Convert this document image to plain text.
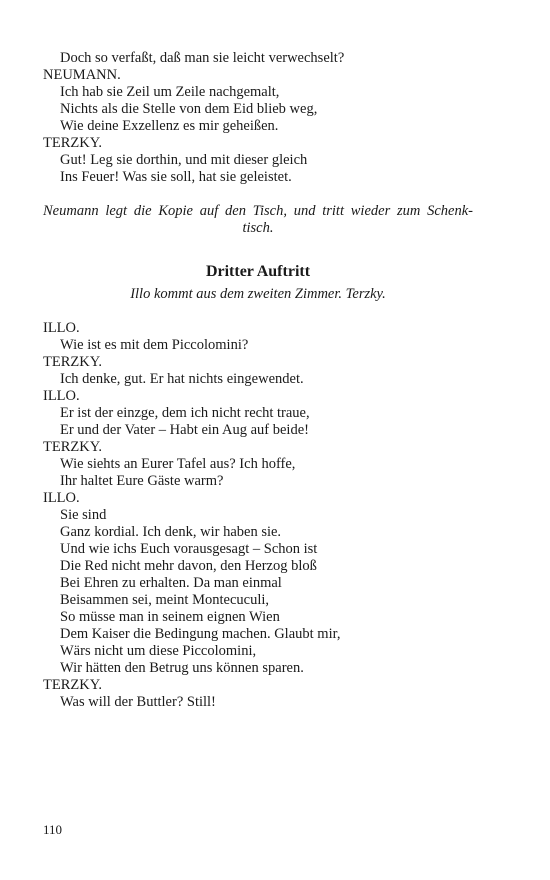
Doch so verfaßt, daß man sie leicht verwechselt?
NEUMANN.
Ich hab sie Zeil um Zeile nachgemalt,
Nichts als die Stelle von dem Eid blieb weg,
Wie deine Exzellenz es mir geheißen.
TERZKY.
Gut! Leg sie dorthin, und mit dieser gleich
Ins Feuer! Was sie soll, hat sie geleistet.
Neumann legt die Kopie auf den Tisch, und tritt wieder zum Schenk-
tisch.
Dritter Auftritt
Illo kommt aus dem zweiten Zimmer. Terzky.
ILLO.
Wie ist es mit dem Piccolomini?
TERZKY.
Ich denke, gut. Er hat nichts eingewendet.
ILLO.
Er ist der einzge, dem ich nicht recht traue,
Er und der Vater – Habt ein Aug auf beide!
TERZKY.
Wie siehts an Eurer Tafel aus? Ich hoffe,
Ihr haltet Eure Gäste warm?
ILLO.
Sie sind
Ganz kordial. Ich denk, wir haben sie.
Und wie ichs Euch vorausgesagt – Schon ist
Die Red nicht mehr davon, den Herzog bloß
Bei Ehren zu erhalten. Da man einmal
Beisammen sei, meint Montecuculi,
So müsse man in seinem eignen Wien
Dem Kaiser die Bedingung machen. Glaubt mir,
Wärs nicht um diese Piccolomini,
Wir hätten den Betrug uns können sparen.
TERZKY.
Was will der Buttler? Still!
110
